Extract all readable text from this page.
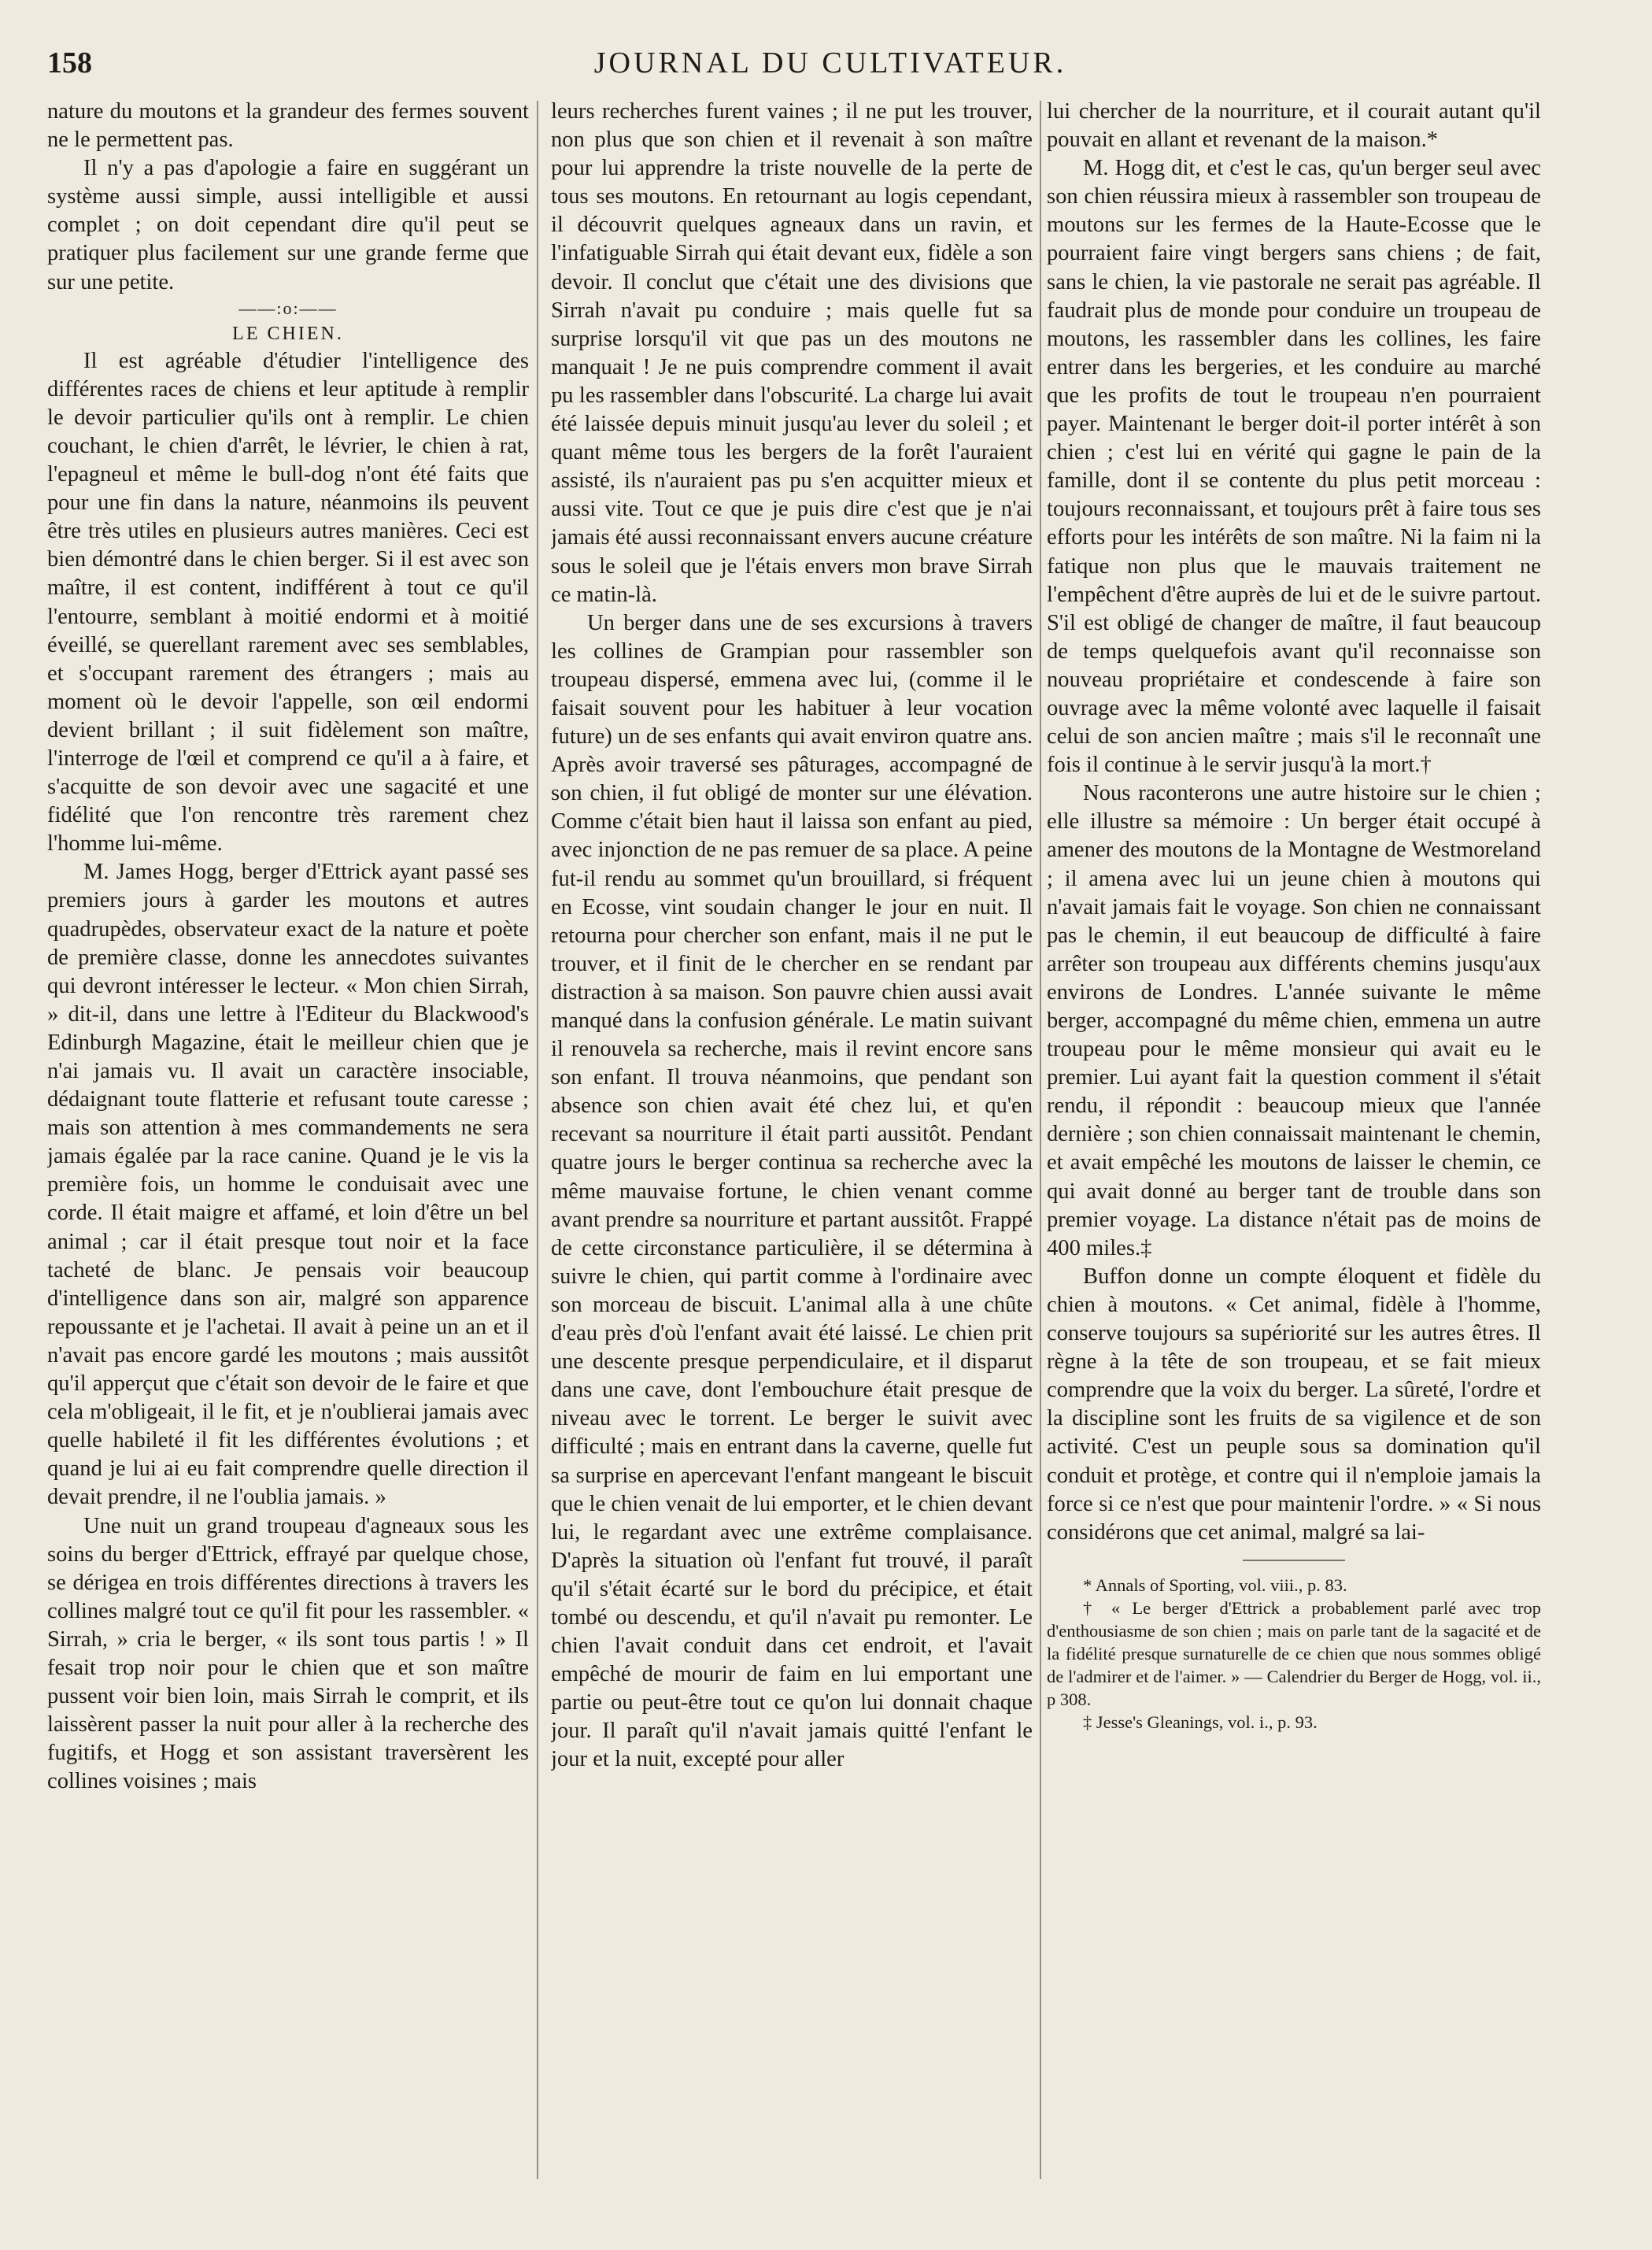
158	JOURNAL DU CULTIVATEUR.

nature du moutons et la grandeur des fermes souvent ne le permettent pas.

Il n'y a pas d'apologie a faire en suggérant un système aussi simple, aussi intelligible et aussi complet ; on doit cependant dire qu'il peut se pratiquer plus facilement sur une grande ferme que sur une petite.

——:o:——

LE CHIEN.

Il est agréable d'étudier l'intelligence des différentes races de chiens et leur aptitude à remplir le devoir particulier qu'ils ont à remplir. Le chien couchant, le chien d'arrêt, le lévrier, le chien à rat, l'epagneul et même le bull-dog n'ont été faits que pour une fin dans la nature, néanmoins ils peuvent être très utiles en plusieurs autres manières. Ceci est bien démontré dans le chien berger. Si il est avec son maître, il est content, indifférent à tout ce qu'il l'entourre, semblant à moitié endormi et à moitié éveillé, se querellant rarement avec ses semblables, et s'occupant rarement des étrangers ; mais au moment où le devoir l'appelle, son œil endormi devient brillant ; il suit fidèlement son maître, l'interroge de l'œil et comprend ce qu'il a à faire, et s'acquitte de son devoir avec une sagacité et une fidélité que l'on rencontre très rarement chez l'homme lui-même.

M. James Hogg, berger d'Ettrick ayant passé ses premiers jours à garder les moutons et autres quadrupèdes, observateur exact de la nature et poète de première classe, donne les annecdotes suivantes qui devront intéresser le lecteur. « Mon chien Sirrah, » dit-il, dans une lettre à l'Editeur du Blackwood's Edinburgh Magazine, était le meilleur chien que je n'ai jamais vu. Il avait un caractère insociable, dédaignant toute flatterie et refusant toute caresse ; mais son attention à mes commandements ne sera jamais égalée par la race canine. Quand je le vis la première fois, un homme le conduisait avec une corde. Il était maigre et affamé, et loin d'être un bel animal ; car il était presque tout noir et la face tacheté de blanc. Je pensais voir beaucoup d'intelligence dans son air, malgré son apparence repoussante et je l'achetai. Il avait à peine un an et il n'avait pas encore gardé les moutons ; mais aussitôt qu'il apperçut que c'était son devoir de le faire et que cela m'obligeait, il le fit, et je n'oublierai jamais avec quelle habileté il fit les différentes évolutions ; et quand je lui ai eu fait comprendre quelle direction il devait prendre, il ne l'oublia jamais. »

Une nuit un grand troupeau d'agneaux sous les soins du berger d'Ettrick, effrayé par quelque chose, se dérigea en trois différentes directions à travers les collines malgré tout ce qu'il fit pour les rassembler. « Sirrah, » cria le berger, « ils sont tous partis ! » Il fesait trop noir pour le chien que et son maître pussent voir bien loin, mais Sirrah le comprit, et ils laissèrent passer la nuit pour aller à la recherche des fugitifs, et Hogg et son assistant traversèrent les collines voisines ; mais

leurs recherches furent vaines ; il ne put les trouver, non plus que son chien et il revenait à son maître pour lui apprendre la triste nouvelle de la perte de tous ses moutons. En retournant au logis cependant, il découvrit quelques agneaux dans un ravin, et l'infatiguable Sirrah qui était devant eux, fidèle a son devoir. Il conclut que c'était une des divisions que Sirrah n'avait pu conduire ; mais quelle fut sa surprise lorsqu'il vit que pas un des moutons ne manquait ! Je ne puis comprendre comment il avait pu les rassembler dans l'obscurité. La charge lui avait été laissée depuis minuit jusqu'au lever du soleil ; et quant même tous les bergers de la forêt l'auraient assisté, ils n'auraient pas pu s'en acquitter mieux et aussi vite. Tout ce que je puis dire c'est que je n'ai jamais été aussi reconnaissant envers aucune créature sous le soleil que je l'étais envers mon brave Sirrah ce matin-là.

Un berger dans une de ses excursions à travers les collines de Grampian pour rassembler son troupeau dispersé, emmena avec lui, (comme il le faisait souvent pour les habituer à leur vocation future) un de ses enfants qui avait environ quatre ans. Après avoir traversé ses pâturages, accompagné de son chien, il fut obligé de monter sur une élévation. Comme c'était bien haut il laissa son enfant au pied, avec injonction de ne pas remuer de sa place. A peine fut-il rendu au sommet qu'un brouillard, si fréquent en Ecosse, vint soudain changer le jour en nuit. Il retourna pour chercher son enfant, mais il ne put le trouver, et il finit de le chercher en se rendant par distraction à sa maison. Son pauvre chien aussi avait manqué dans la confusion générale. Le matin suivant il renouvela sa recherche, mais il revint encore sans son enfant. Il trouva néanmoins, que pendant son absence son chien avait été chez lui, et qu'en recevant sa nourriture il était parti aussitôt. Pendant quatre jours le berger continua sa recherche avec la même mauvaise fortune, le chien venant comme avant prendre sa nourriture et partant aussitôt. Frappé de cette circonstance particulière, il se détermina à suivre le chien, qui partit comme à l'ordinaire avec son morceau de biscuit. L'animal alla à une chûte d'eau près d'où l'enfant avait été laissé. Le chien prit une descente presque perpendiculaire, et il disparut dans une cave, dont l'embouchure était presque de niveau avec le torrent. Le berger le suivit avec difficulté ; mais en entrant dans la caverne, quelle fut sa surprise en apercevant l'enfant mangeant le biscuit que le chien venait de lui emporter, et le chien devant lui, le regardant avec une extrême complaisance. D'après la situation où l'enfant fut trouvé, il paraît qu'il s'était écarté sur le bord du précipice, et était tombé ou descendu, et qu'il n'avait pu remonter. Le chien l'avait conduit dans cet endroit, et l'avait empêché de mourir de faim en lui emportant une partie ou peut-être tout ce qu'on lui donnait chaque jour. Il paraît qu'il n'avait jamais quitté l'enfant le jour et la nuit, excepté pour aller

lui chercher de la nourriture, et il courait autant qu'il pouvait en allant et revenant de la maison.*

M. Hogg dit, et c'est le cas, qu'un berger seul avec son chien réussira mieux à rassembler son troupeau de moutons sur les fermes de la Haute-Ecosse que le pourraient faire vingt bergers sans chiens ; de fait, sans le chien, la vie pastorale ne serait pas agréable. Il faudrait plus de monde pour conduire un troupeau de moutons, les rassembler dans les collines, les faire entrer dans les bergeries, et les conduire au marché que les profits de tout le troupeau n'en pourraient payer. Maintenant le berger doit-il porter intérêt à son chien ; c'est lui en vérité qui gagne le pain de la famille, dont il se contente du plus petit morceau : toujours reconnaissant, et toujours prêt à faire tous ses efforts pour les intérêts de son maître. Ni la faim ni la fatique non plus que le mauvais traitement ne l'empêchent d'être auprès de lui et de le suivre partout. S'il est obligé de changer de maître, il faut beaucoup de temps quelquefois avant qu'il reconnaisse son nouveau propriétaire et condescende à faire son ouvrage avec la même volonté avec laquelle il faisait celui de son ancien maître ; mais s'il le reconnaît une fois il continue à le servir jusqu'à la mort.†

Nous raconterons une autre histoire sur le chien ; elle illustre sa mémoire : Un berger était occupé à amener des moutons de la Montagne de Westmoreland ; il amena avec lui un jeune chien à moutons qui n'avait jamais fait le voyage. Son chien ne connaissant pas le chemin, il eut beaucoup de difficulté à faire arrêter son troupeau aux différents chemins jusqu'aux environs de Londres. L'année suivante le même berger, accompagné du même chien, emmena un autre troupeau pour le même monsieur qui avait eu le premier. Lui ayant fait la question comment il s'était rendu, il répondit : beaucoup mieux que l'année dernière ; son chien connaissait maintenant le chemin, et avait empêché les moutons de laisser le chemin, ce qui avait donné au berger tant de trouble dans son premier voyage. La distance n'était pas de moins de 400 miles.‡

Buffon donne un compte éloquent et fidèle du chien à moutons. « Cet animal, fidèle à l'homme, conserve toujours sa supériorité sur les autres êtres. Il règne à la tête de son troupeau, et se fait mieux comprendre que la voix du berger. La sûreté, l'ordre et la discipline sont les fruits de sa vigilence et de son activité. C'est un peuple sous sa domination qu'il conduit et protège, et contre qui il n'emploie jamais la force si ce n'est que pour maintenir l'ordre. » « Si nous considérons que cet animal, malgré sa lai-

* Annals of Sporting, vol. viii., p. 83.

† « Le berger d'Ettrick a probablement parlé avec trop d'enthousiasme de son chien ; mais on parle tant de la sagacité et de la fidélité presque surnaturelle de ce chien que nous sommes obligé de l'admirer et de l'aimer. » — Calendrier du Berger de Hogg, vol. ii., p 308.

‡ Jesse's Gleanings, vol. i., p. 93.
